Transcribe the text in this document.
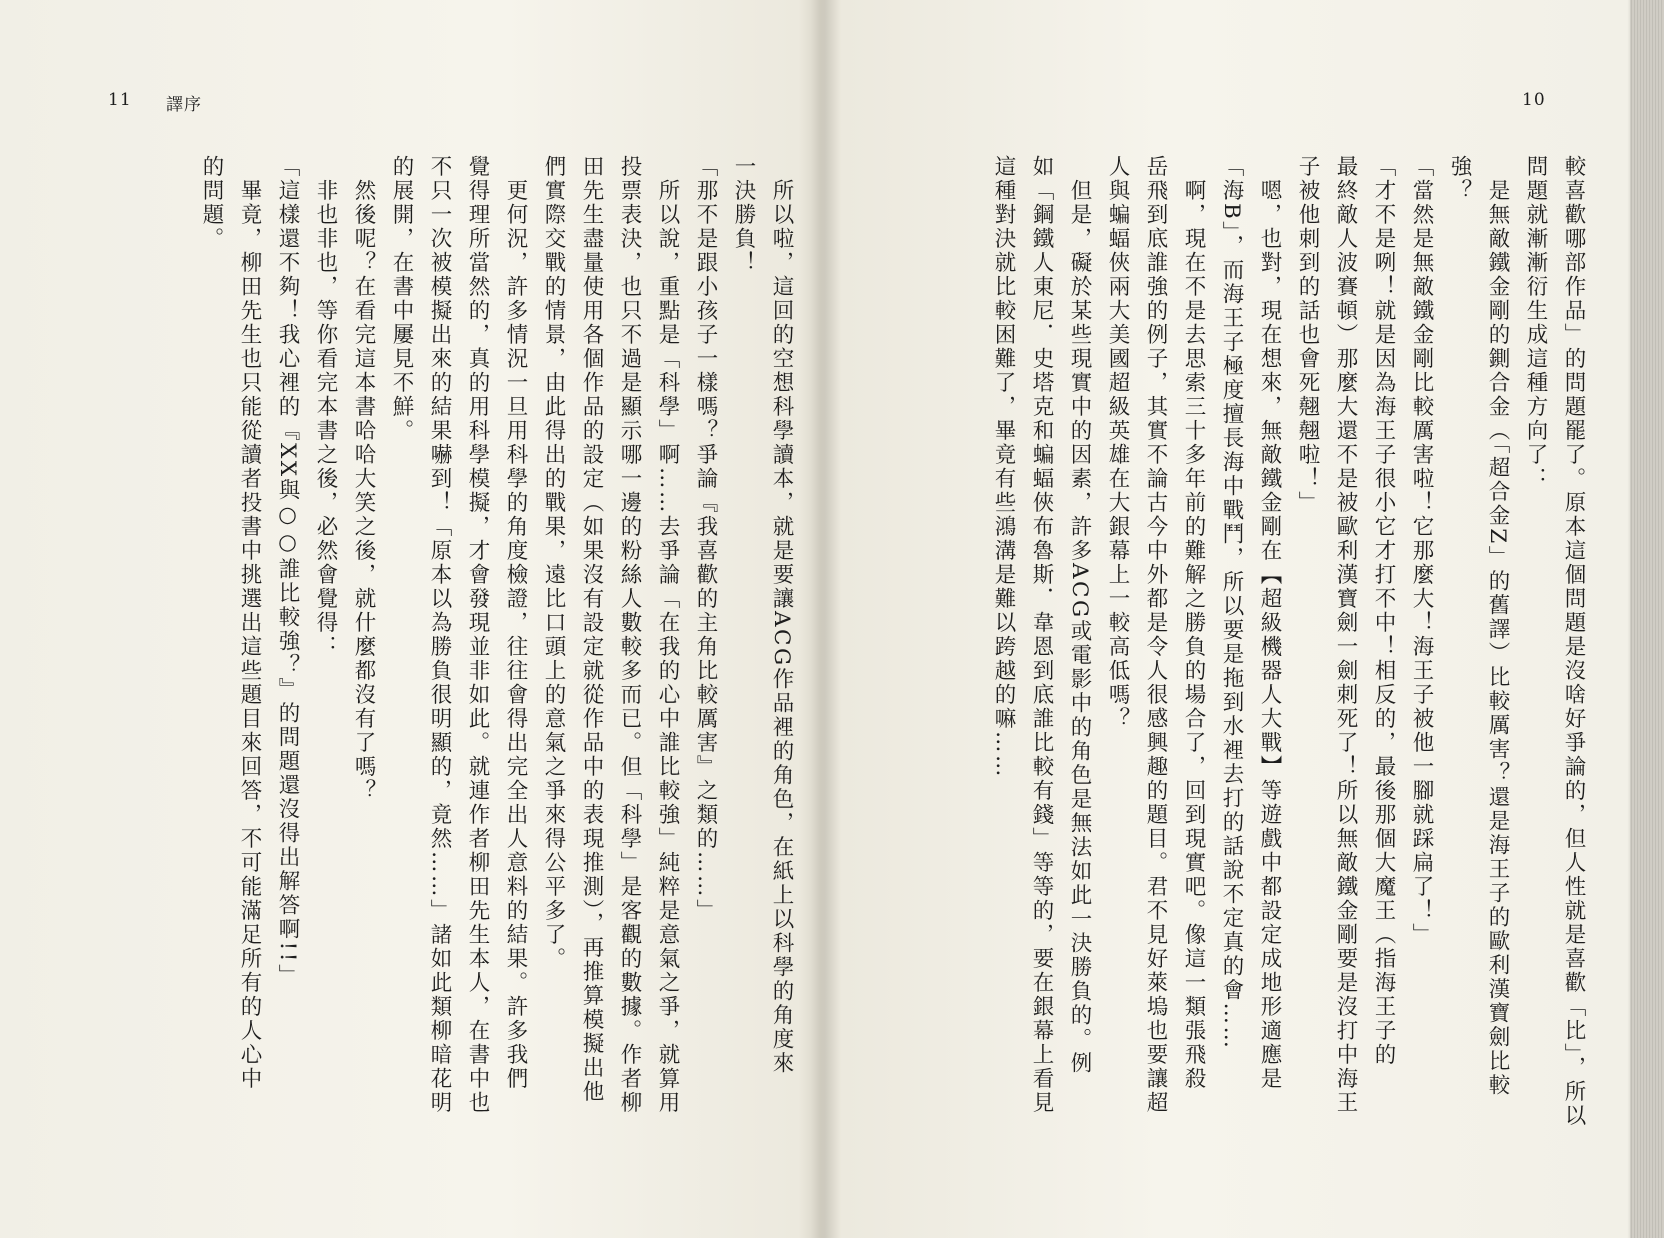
11 譯序
所以啦，這回的空想科學讀本，就是要讓ACG作品裡的角色，在紙上以科學的角度來
一決勝負！
「那不是跟小孩子一樣嗎？爭論『我喜歡的主角比較厲害』之類的……」
所以說，重點是「科學」啊……去爭論「在我的心中誰比較強」純粹是意氣之爭，就算用
投票表決，也只不過是顯示哪一邊的粉絲人數較多而已。但「科學」是客觀的數據。作者柳
田先生盡量使用各個作品的設定（如果沒有設定就從作品中的表現推測），再推算模擬出他
們實際交戰的情景，由此得出的戰果，遠比口頭上的意氣之爭來得公平多了。
更何況，許多情況一旦用科學的角度檢證，往往會得出完全出人意料的結果。許多我們
覺得理所當然的，真的用科學模擬，才會發現並非如此。就連作者柳田先生本人，在書中也
不只一次被模擬出來的結果嚇到！「原本以為勝負很明顯的，竟然……」諸如此類柳暗花明
的展開，在書中屢見不鮮。
然後呢？在看完這本書哈哈大笑之後，就什麼都沒有了嗎？
非也非也，等你看完本書之後，必然會覺得：
「這樣還不夠！我心裡的『XX與○○誰比較強？』的問題還沒得出解答啊!!」
畢竟，柳田先生也只能從讀者投書中挑選出這些題目來回答，不可能滿足所有的人心中
的問題。
10
較喜歡哪部作品」的問題罷了。原本這個問題是沒啥好爭論的，但人性就是喜歡「比」，所以
問題就漸漸衍生成這種方向了：
是無敵鐵金剛的鍘合金（「超合金Z」的舊譯）比較厲害？還是海王子的歐利漢寶劍比較
強？
「當然是無敵鐵金剛比較厲害啦！它那麼大！海王子被他一腳就踩扁了！」
「才不是咧！就是因為海王子很小它才打不中！相反的，最後那個大魔王（指海王子的
最終敵人波賽頓）那麼大還不是被歐利漢寶劍一劍刺死了！所以無敵鐵金剛要是沒打中海王
子被他刺到的話也會死翹翹啦！」
嗯，也對，現在想來，無敵鐵金剛在【超級機器人大戰】等遊戲中都設定成地形適應是
「海B」，而海王子極度擅長海中戰鬥，所以要是拖到水裡去打的話說不定真的會……
啊，現在不是去思索三十多年前的難解之勝負的場合了，回到現實吧。像這一類張飛殺
岳飛到底誰強的例子，其實不論古今中外都是令人很感興趣的題目。君不見好萊塢也要讓超
人與蝙蝠俠兩大美國超級英雄在大銀幕上一較高低嗎？
但是，礙於某些現實中的因素，許多ACG或電影中的角色是無法如此一決勝負的。例
如「鋼鐵人東尼．史塔克和蝙蝠俠布魯斯．韋恩到底誰比較有錢」等等的，要在銀幕上看見
這種對決就比較困難了，畢竟有些鴻溝是難以跨越的嘛……
